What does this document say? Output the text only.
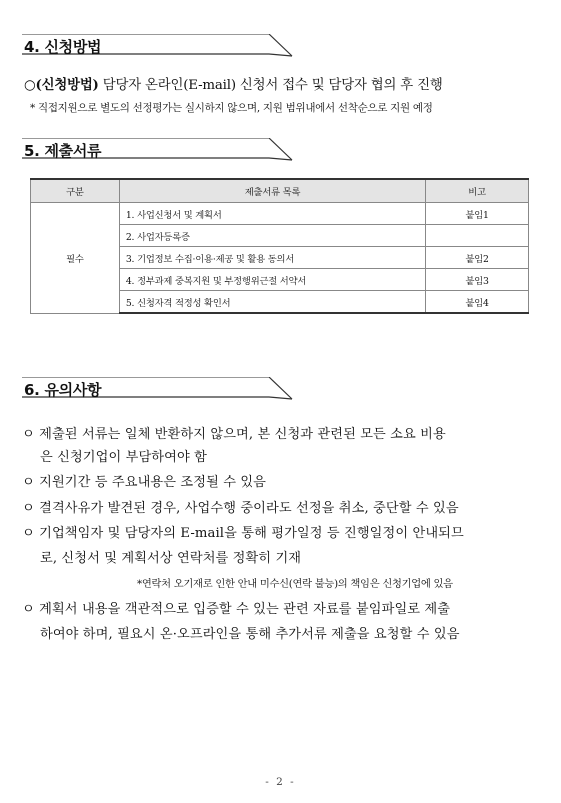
4. 신청방법
○(신청방법) 담당자 온라인(E-mail) 신청서 접수 및 담당자 협의 후 진행
* 직접지원으로 별도의 선정평가는 실시하지 않으며, 지원 범위내에서 선착순으로 지원 예정
5. 제출서류
구분	제출서류 목록	비고
필수	1. 사업신청서 및 계획서	붙임1
	2. 사업자등록증	
	3. 기업정보 수집·이용·제공 및 활용 동의서	붙임2
	4. 정부과제 중복지원 및 부정행위근절 서약서	붙임3
	5. 신청자격 적정성 확인서	붙임4
6. 유의사항
ㅇ 제출된 서류는 일체 반환하지 않으며, 본 신청과 관련된 모든 소요 비용
은 신청기업이 부담하여야 함
ㅇ 지원기간 등 주요내용은 조정될 수 있음
ㅇ 결격사유가 발견된 경우, 사업수행 중이라도 선정을 취소, 중단할 수 있음
ㅇ 기업책임자 및 담당자의 E-mail을 통해 평가일정 등 진행일정이 안내되므
로, 신청서 및 계획서상 연락처를 정확히 기재
*연락처 오기재로 인한 안내 미수신(연락 불능)의 책임은 신청기업에 있음
ㅇ 계획서 내용을 객관적으로 입증할 수 있는 관련 자료를 붙임파일로 제출
하여야 하며, 필요시 온·오프라인을 통해 추가서류 제출을 요청할 수 있음
- 2 -
